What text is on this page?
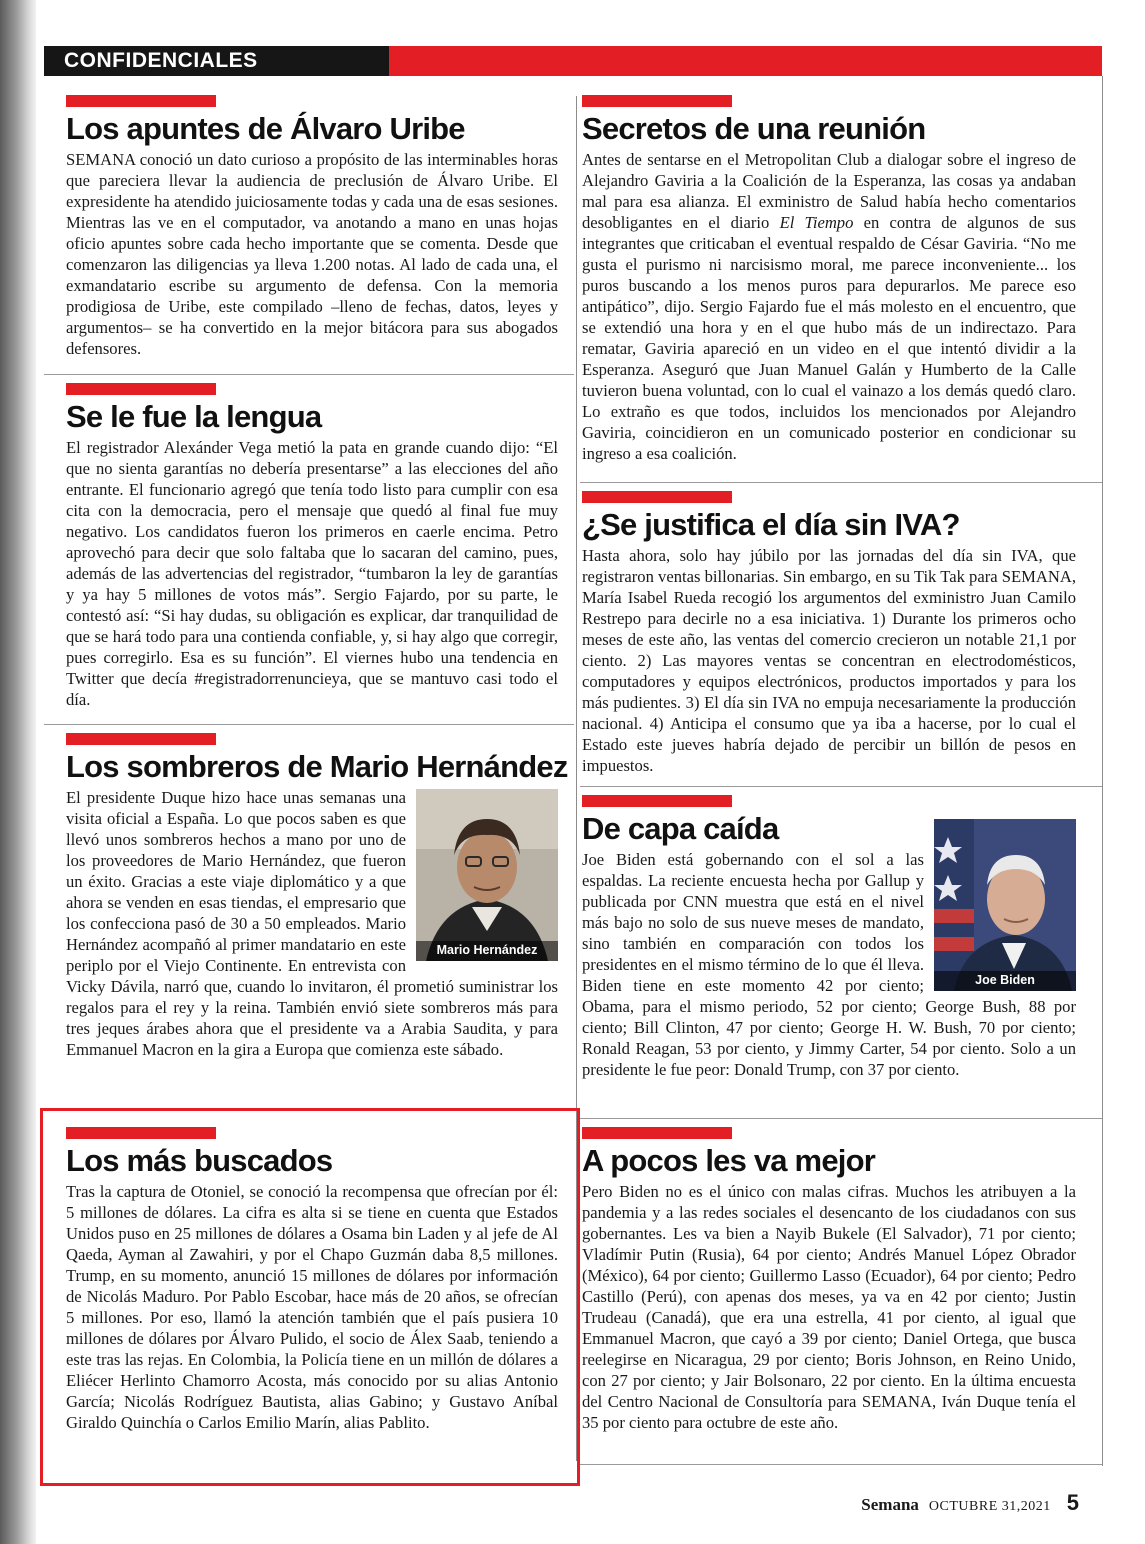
CONFIDENCIALES
Los apuntes de Álvaro Uribe

SEMANA conoció un dato curioso a propósito de las interminables horas que pareciera llevar la audiencia de preclusión de Álvaro Uribe. El expresidente ha atendido juiciosamente todas y cada una de esas sesiones. Mientras las ve en el computador, va anotando a mano en unas hojas oficio apuntes sobre cada hecho importante que se comenta. Desde que comenzaron las diligencias ya lleva 1.200 notas. Al lado de cada una, el exmandatario escribe su argumento de defensa. Con la memoria prodigiosa de Uribe, este compilado –lleno de fechas, datos, leyes y argumentos– se ha convertido en la mejor bitácora para sus abogados defensores.

Se le fue la lengua

El registrador Alexánder Vega metió la pata en grande cuando dijo: “El que no sienta garantías no debería presentarse” a las elecciones del año entrante. El funcionario agregó que tenía todo listo para cumplir con esa cita con la democracia, pero el mensaje que quedó al final fue muy negativo. Los candidatos fueron los primeros en caerle encima. Petro aprovechó para decir que solo faltaba que lo sacaran del camino, pues, además de las advertencias del registrador, “tumbaron la ley de garantías y ya hay 5 millones de votos más”. Sergio Fajardo, por su parte, le contestó así: “Si hay dudas, su obligación es explicar, dar tranquilidad de que se hará todo para una contienda confiable, y, si hay algo que corregir, pues corregirlo. Esa es su función”. El viernes hubo una tendencia en Twitter que decía #registradorrenuncieya, que se mantuvo casi todo el día.

Los sombreros de Mario Hernández
Mario Hernández

El presidente Duque hizo hace unas semanas una visita oficial a España. Lo que pocos saben es que llevó unos sombreros hechos a mano por uno de los proveedores de Mario Hernández, que fueron un éxito. Gracias a este viaje diplomático y a que ahora se venden en esas tiendas, el empresario que los confecciona pasó de 30 a 50 empleados. Mario Hernández acompañó al primer mandatario en este periplo por el Viejo Continente. En entrevista con Vicky Dávila, narró que, cuando lo invitaron, él prometió suministrar los regalos para el rey y la reina. También envió siete sombreros más para tres jeques árabes ahora que el presidente va a Arabia Saudita, y para Emmanuel Macron en la gira a Europa que comienza este sábado.

Los más buscados

Tras la captura de Otoniel, se conoció la recompensa que ofrecían por él: 5 millones de dólares. La cifra es alta si se tiene en cuenta que Estados Unidos puso en 25 millones de dólares a Osama bin Laden y al jefe de Al Qaeda, Ayman al Zawahiri, y por el Chapo Guzmán daba 8,5 millones. Trump, en su momento, anunció 15 millones de dólares por información de Nicolás Maduro. Por Pablo Escobar, hace más de 20 años, se ofrecían 5 millones. Por eso, llamó la atención también que el país pusiera 10 millones de dólares por Álvaro Pulido, el socio de Álex Saab, teniendo a este tras las rejas. En Colombia, la Policía tiene en un millón de dólares a Eliécer Herlinto Chamorro Acosta, más conocido por su alias Antonio García; Nicolás Rodríguez Bautista, alias Gabino; y Gustavo Aníbal Giraldo Quinchía o Carlos Emilio Marín, alias Pablito.

Secretos de una reunión

Antes de sentarse en el Metropolitan Club a dialogar sobre el ingreso de Alejandro Gaviria a la Coalición de la Esperanza, las cosas ya andaban mal para esa alianza. El exministro de Salud había hecho comentarios desobligantes en el diario El Tiempo en contra de algunos de sus integrantes que criticaban el eventual respaldo de César Gaviria. “No me gusta el purismo ni narcisismo moral, me parece inconveniente... los puros buscando a los menos puros para depurarlos. Me parece eso antipático”, dijo. Sergio Fajardo fue el más molesto en el encuentro, que se extendió una hora y en el que hubo más de un indirectazo. Para rematar, Gaviria apareció en un video en el que intentó dividir a la Esperanza. Aseguró que Juan Manuel Galán y Humberto de la Calle tuvieron buena voluntad, con lo cual el vainazo a los demás quedó claro. Lo extraño es que todos, incluidos los mencionados por Alejandro Gaviria, coincidieron en un comunicado posterior en condicionar su ingreso a esa coalición.

¿Se justifica el día sin IVA?

Hasta ahora, solo hay júbilo por las jornadas del día sin IVA, que registraron ventas billonarias. Sin embargo, en su Tik Tak para SEMANA, María Isabel Rueda recogió los argumentos del exministro Juan Camilo Restrepo para decirle no a esa iniciativa. 1) Durante los primeros ocho meses de este año, las ventas del comercio crecieron un notable 21,1 por ciento. 2) Las mayores ventas se concentran en electrodomésticos, computadores y equipos electrónicos, productos importados y para los más pudientes. 3) El día sin IVA no empuja necesariamente la producción nacional. 4) Anticipa el consumo que ya iba a hacerse, por lo cual el Estado este jueves habría dejado de percibir un billón de pesos en impuestos.

De capa caída
Joe Biden

Joe Biden está gobernando con el sol a las espaldas. La reciente encuesta hecha por Gallup y publicada por CNN muestra que está en el nivel más bajo no solo de sus nueve meses de mandato, sino también en comparación con todos los presidentes en el mismo término de lo que él lleva. Biden tiene en este momento 42 por ciento; Obama, para el mismo periodo, 52 por ciento; George Bush, 88 por ciento; Bill Clinton, 47 por ciento; George H. W. Bush, 70 por ciento; Ronald Reagan, 53 por ciento, y Jimmy Carter, 54 por ciento. Solo a un presidente le fue peor: Donald Trump, con 37 por ciento.

A pocos les va mejor

Pero Biden no es el único con malas cifras. Muchos les atribuyen a la pandemia y a las redes sociales el desencanto de los ciudadanos con sus gobernantes. Les va bien a Nayib Bukele (El Salvador), 71 por ciento; Vladímir Putin (Rusia), 64 por ciento; Andrés Manuel López Obrador (México), 64 por ciento; Guillermo Lasso (Ecuador), 64 por ciento; Pedro Castillo (Perú), con apenas dos meses, ya va en 42 por ciento; Justin Trudeau (Canadá), que era una estrella, 41 por ciento, al igual que Emmanuel Macron, que cayó a 39 por ciento; Daniel Ortega, que busca reelegirse en Nicaragua, 29 por ciento; Boris Johnson, en Reino Unido, con 27 por ciento; y Jair Bolsonaro, 22 por ciento. En la última encuesta del Centro Nacional de Consultoría para SEMANA, Iván Duque tenía el 35 por ciento para octubre de este año.

Semana OCTUBRE 31,2021 5
